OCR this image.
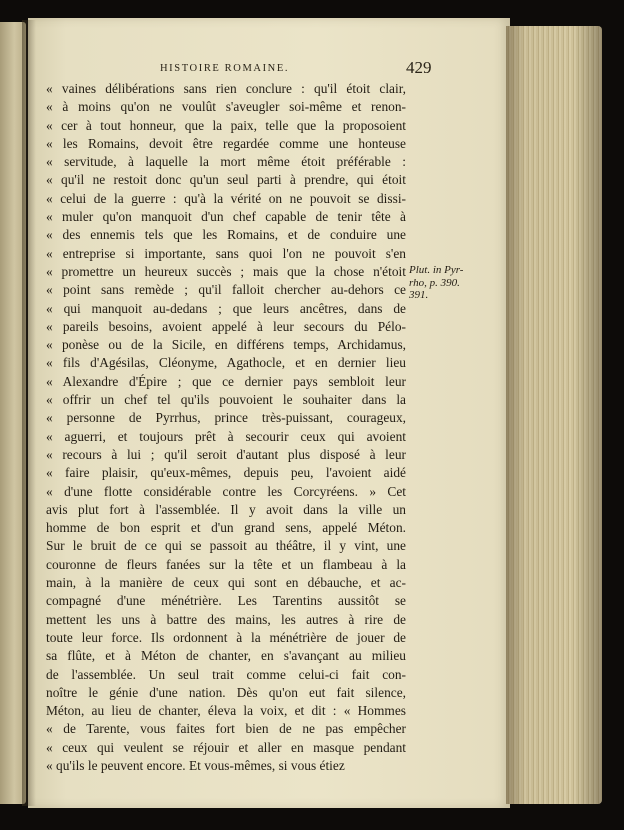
HISTOIRE ROMAINE.	429
« vaines délibérations sans rien conclure : qu'il étoit clair,
« à moins qu'on ne voulût s'aveugler soi-même et renon-
« cer à tout honneur, que la paix, telle que la proposoient
« les Romains, devoit être regardée comme une honteuse
« servitude, à laquelle la mort même étoit préférable :
« qu'il ne restoit donc qu'un seul parti à prendre, qui étoit
« celui de la guerre : qu'à la vérité on ne pouvoit se dissi-
« muler qu'on manquoit d'un chef capable de tenir tête à
« des ennemis tels que les Romains, et de conduire une
« entreprise si importante, sans quoi l'on ne pouvoit s'en
« promettre un heureux succès ; mais que la chose n'étoit
« point sans remède ; qu'il falloit chercher au-dehors ce
« qui manquoit au-dedans ; que leurs ancêtres, dans de
« pareils besoins, avoient appelé à leur secours du Pélo-
« ponèse ou de la Sicile, en différens temps, Archidamus,
« fils d'Agésilas, Cléonyme, Agathocle, et en dernier lieu
« Alexandre d'Épire ; que ce dernier pays sembloit leur
« offrir un chef tel qu'ils pouvoient le souhaiter dans la
« personne de Pyrrhus, prince très-puissant, courageux,
« aguerri, et toujours prêt à secourir ceux qui avoient
« recours à lui ; qu'il seroit d'autant plus disposé à leur
« faire plaisir, qu'eux-mêmes, depuis peu, l'avoient aidé
« d'une flotte considérable contre les Corcyréens. » Cet
avis plut fort à l'assemblée. Il y avoit dans la ville un
homme de bon esprit et d'un grand sens, appelé Méton.
Sur le bruit de ce qui se passoit au théâtre, il y vint, une
couronne de fleurs fanées sur la tête et un flambeau à la
main, à la manière de ceux qui sont en débauche, et ac-
compagné d'une ménétrière. Les Tarentins aussitôt se
mettent les uns à battre des mains, les autres à rire de
toute leur force. Ils ordonnent à la ménétrière de jouer de
sa flûte, et à Méton de chanter, en s'avançant au milieu
de l'assemblée. Un seul trait comme celui-ci fait con-
noître le génie d'une nation. Dès qu'on eut fait silence,
Méton, au lieu de chanter, éleva la voix, et dit : « Hommes
« de Tarente, vous faites fort bien de ne pas empêcher
« ceux qui veulent se réjouir et aller en masque pendant
« qu'ils le peuvent encore. Et vous-mêmes, si vous étiez
Plut. in Pyr-
rho, p. 390.
391.
